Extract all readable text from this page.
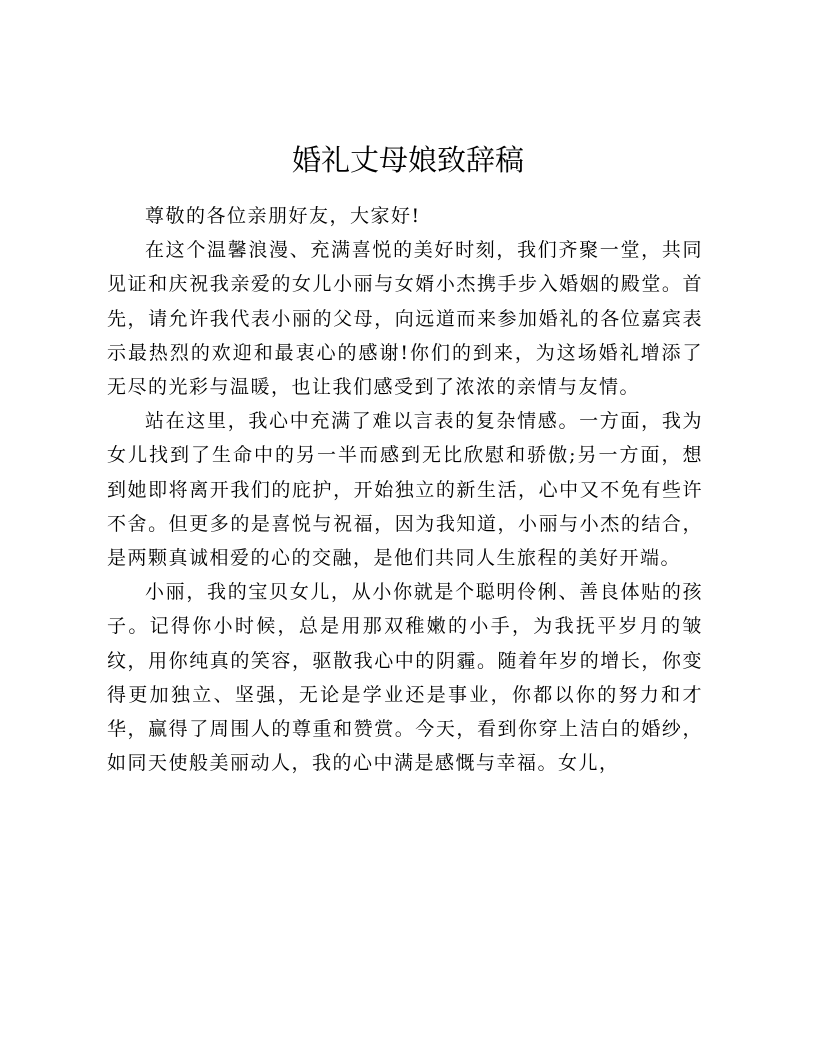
婚礼丈母娘致辞稿

尊敬的各位亲朋好友，大家好!

在这个温馨浪漫、充满喜悦的美好时刻，我们齐聚一堂，共同见证和庆祝我亲爱的女儿小丽与女婿小杰携手步入婚姻的殿堂。首先，请允许我代表小丽的父母，向远道而来参加婚礼的各位嘉宾表示最热烈的欢迎和最衷心的感谢!你们的到来，为这场婚礼增添了无尽的光彩与温暖，也让我们感受到了浓浓的亲情与友情。

站在这里，我心中充满了难以言表的复杂情感。一方面，我为女儿找到了生命中的另一半而感到无比欣慰和骄傲;另一方面，想到她即将离开我们的庇护，开始独立的新生活，心中又不免有些许不舍。但更多的是喜悦与祝福，因为我知道，小丽与小杰的结合，是两颗真诚相爱的心的交融，是他们共同人生旅程的美好开端。

小丽，我的宝贝女儿，从小你就是个聪明伶俐、善良体贴的孩子。记得你小时候，总是用那双稚嫩的小手，为我抚平岁月的皱纹，用你纯真的笑容，驱散我心中的阴霾。随着年岁的增长，你变得更加独立、坚强，无论是学业还是事业，你都以你的努力和才华，赢得了周围人的尊重和赞赏。今天，看到你穿上洁白的婚纱，如同天使般美丽动人，我的心中满是感慨与幸福。女儿，
